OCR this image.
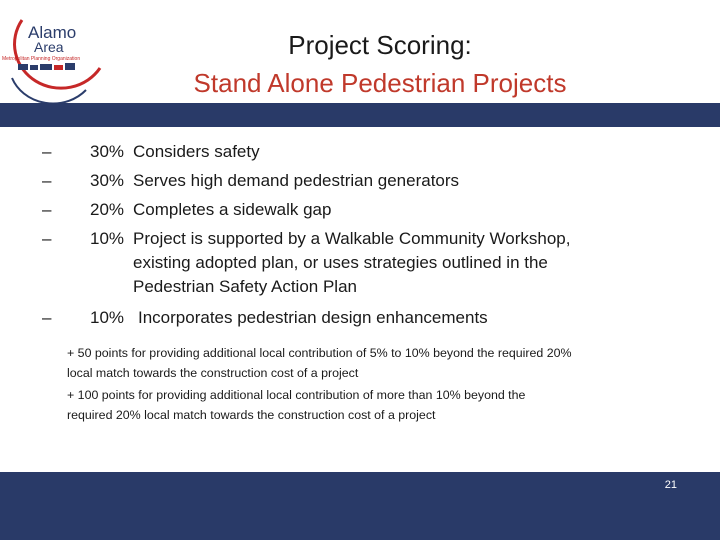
Alamo
Area
Metropolitan Planning Organization	Project Scoring:
Stand Alone Pedestrian Projects
– 30% Considers safety
– 30% Serves high demand pedestrian generators
– 20% Completes a sidewalk gap
– 10% Project is supported by a Walkable Community Workshop,
existing adopted plan, or uses strategies outlined in the
Pedestrian Safety Action Plan
– 10% Incorporates pedestrian design enhancements

+ 50 points for providing additional local contribution of 5% to 10% beyond the required 20%
local match towards the construction cost of a project

+ 100 points for providing additional local contribution of more than 10% beyond the
required 20% local match towards the construction cost of a project

21
